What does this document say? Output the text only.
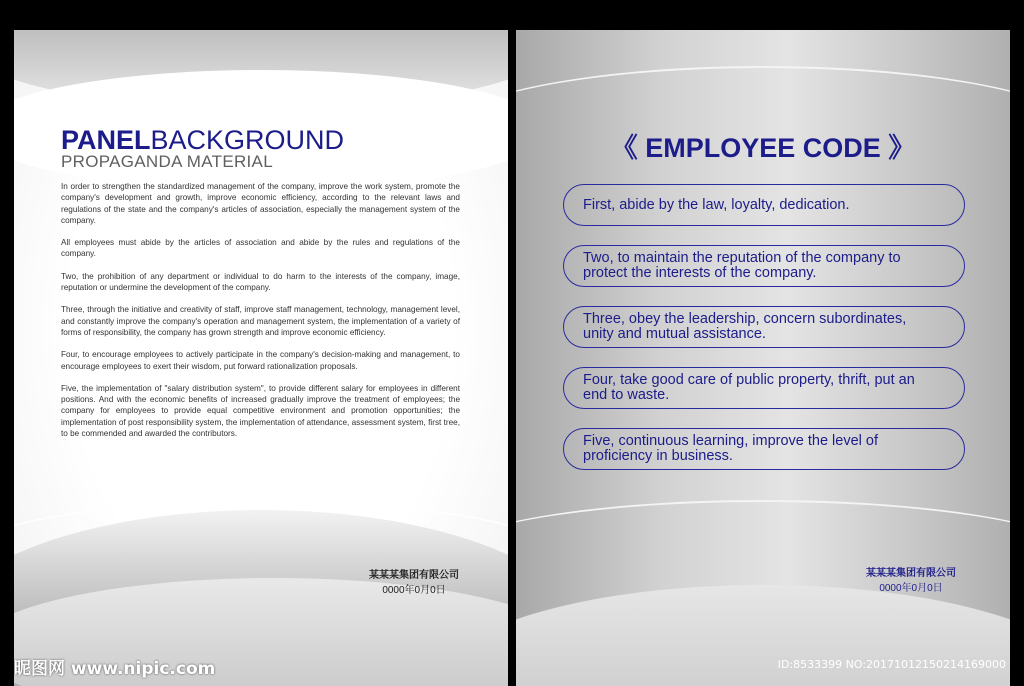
PANELBACKGROUND
PROPAGANDA MATERIAL

In order to strengthen the standardized management of the company, improve the work system, promote the company's development and growth, improve economic efficiency, according to the relevant laws and regulations of the state and the company's articles of association, especially the management system of the company.

All employees must abide by the articles of association and abide by the rules and regulations of the company.

Two, the prohibition of any department or individual to do harm to the interests of the company, image, reputation or undermine the development of the company.

Three, through the initiative and creativity of staff, improve staff management, technology, management level, and constantly improve the company's operation and management system, the implementation of a variety of forms of responsibility, the company has grown strength and improve economic efficiency.

Four, to encourage employees to actively participate in the company's decision-making and management, to encourage employees to exert their wisdom, put forward rationalization proposals.

Five, the implementation of "salary distribution system", to provide different salary for employees in different positions. And with the economic benefits of increased gradually improve the treatment of employees; the company for employees to provide equal competitive environment and promotion opportunities; the implementation of post responsibility system, the implementation of attendance, assessment system, first tree, to be commended and awarded the contributors.

某某某集团有限公司
0000年0月0日
《 EMPLOYEE CODE 》
First, abide by the law, loyalty, dedication.
Two, to maintain the reputation of the company to protect the interests of the company.
Three, obey the leadership, concern subordinates, unity and mutual assistance.
Four, take good care of public property, thrift, put an end to waste.
Five, continuous learning, improve the level of proficiency in business.
某某某集团有限公司
0000年0月0日
昵图网 www.nipic.com	ID:8533399 NO:20171012150214169000
